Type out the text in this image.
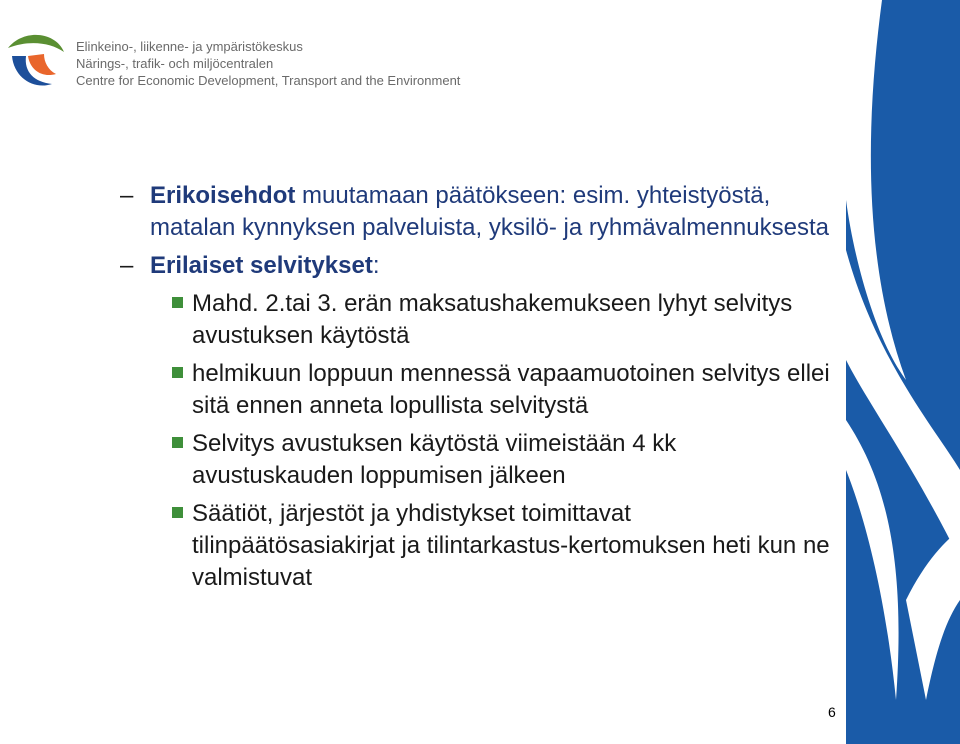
Elinkeino-, liikenne- ja ympäristökeskus
Närings-, trafik- och miljöcentralen
Centre for Economic Development, Transport and the Environment
– Erikoisehdot muutamaan päätökseen: esim. yhteistyöstä, matalan kynnyksen palveluista, yksilö- ja ryhmävalmennuksesta
– Erilaiset selvitykset:
Mahd. 2.tai 3. erän maksatushakemukseen lyhyt selvitys avustuksen käytöstä
helmikuun loppuun mennessä vapaamuotoinen selvitys ellei sitä ennen anneta lopullista selvitystä
Selvitys avustuksen käytöstä viimeistään 4 kk avustuskauden loppumisen jälkeen
Säätiöt, järjestöt ja yhdistykset toimittavat tilinpäätösasiakirjat ja tilintarkastus-kertomuksen heti kun ne valmistuvat
6
